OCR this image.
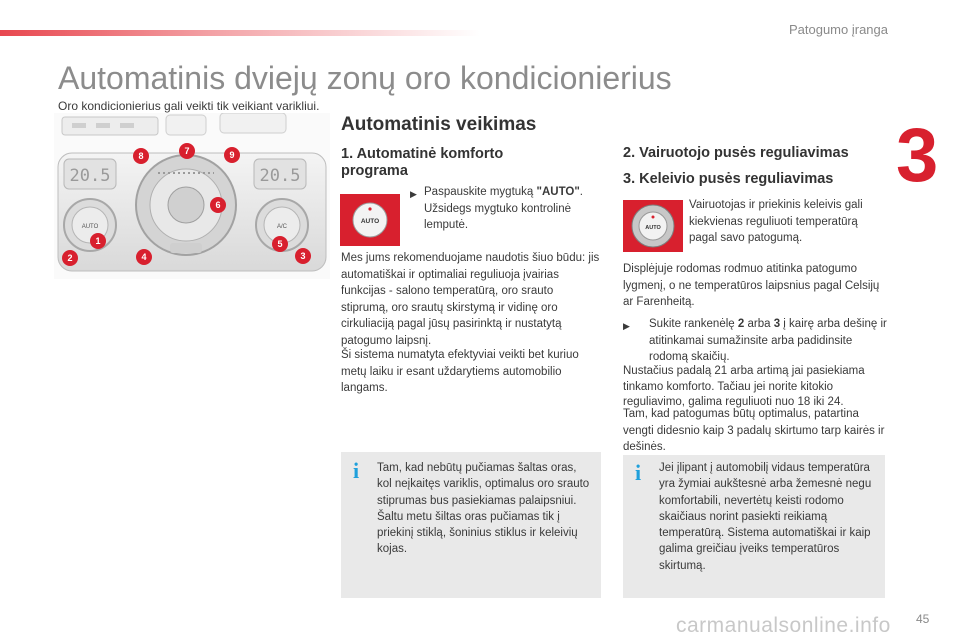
Patogumo įranga
3
Automatinis dviejų zonų oro kondicionierius
Oro kondicionierius gali veikti tik veikiant varikliui.
20.5	20.5
AUTO	A/C
1
2	3
4
5
6
7
8	9
Automatinis veikimas
1. Automatinė komforto programa
AUTO
▶ Paspauskite mygtuką "AUTO". Užsidegs mygtuko kontrolinė lemputė.
Mes jums rekomenduojame naudotis šiuo būdu: jis automatiškai ir optimaliai reguliuoja įvairias funkcijas - salono temperatūrą, oro srauto stiprumą, oro srautų skirstymą ir vidinę oro cirkuliaciją pagal jūsų pasirinktą ir nustatytą patogumo laipsnį.
Ši sistema numatyta efektyviai veikti bet kuriuo metų laiku ir esant uždarytiems automobilio langams.
i Tam, kad nebūtų pučiamas šaltas oras, kol neįkaitęs variklis, optimalus oro srauto stiprumas bus pasiekiamas palaipsniui.
Šaltu metu šiltas oras pučiamas tik į priekinį stiklą, šoninius stiklus ir keleivių kojas.
2. Vairuotojo pusės reguliavimas
3. Keleivio pusės reguliavimas
AUTO
Vairuotojas ir priekinis keleivis gali kiekvienas reguliuoti temperatūrą pagal savo patogumą.
Displėjuje rodomas rodmuo atitinka patogumo lygmenį, o ne temperatūros laipsnius pagal Celsijų ar Farenheitą.
▶	Sukite rankenėlę 2 arba 3 į kairę arba dešinę ir atitinkamai sumažinsite arba padidinsite rodomą skaičių.
Nustačius padalą 21 arba artimą jai pasiekiama tinkamo komforto. Tačiau jei norite kitokio reguliavimo, galima reguliuoti nuo 18 iki 24.
Tam, kad patogumas būtų optimalus, patartina vengti didesnio kaip 3 padalų skirtumo tarp kairės ir dešinės.
i Jei įlipant į automobilį vidaus temperatūra yra žymiai aukštesnė arba žemesnė negu komfortabili, nevertėtų keisti rodomo skaičiaus norint pasiekti reikiamą temperatūrą. Sistema automatiškai ir kaip galima greičiau įveiks temperatūros skirtumą.
carmanualsonline.info 45
